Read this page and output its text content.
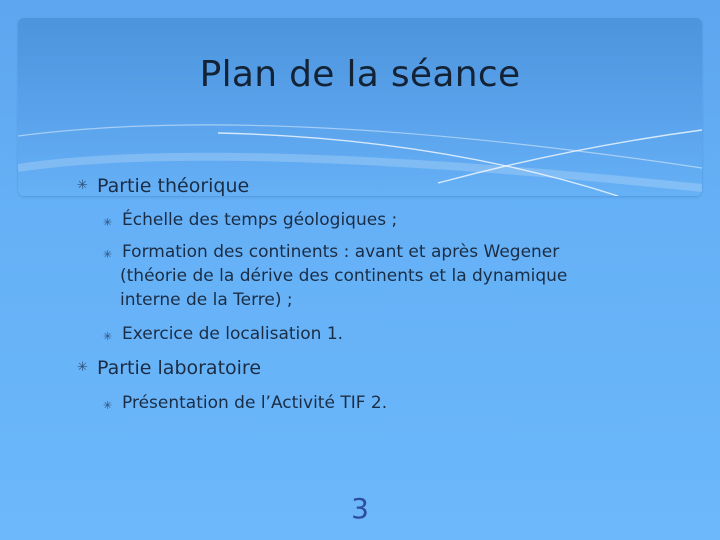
Plan de la séance
✳ Partie théorique
✳ Échelle des temps géologiques ;
✳ Formation des continents : avant et après Wegener
(théorie de la dérive des continents et la dynamique
interne de la Terre) ;
✳ Exercice de localisation 1.
✳ Partie laboratoire
✳ Présentation de l’Activité TIF 2.
3
